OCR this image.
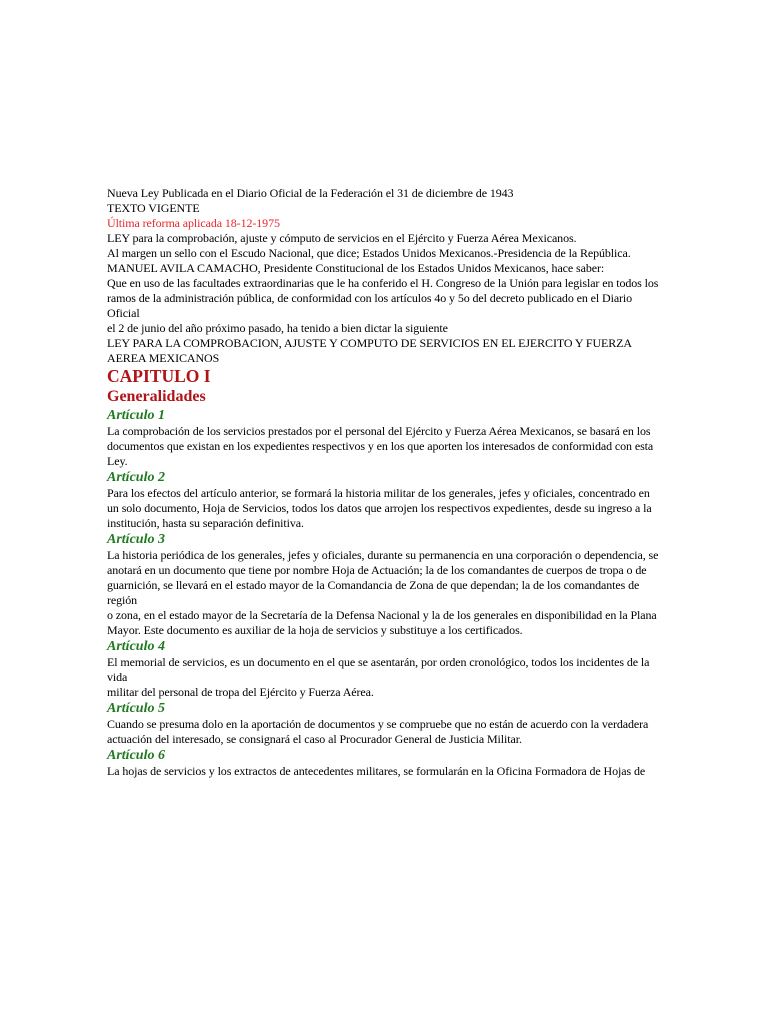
Nueva Ley Publicada en el Diario Oficial de la Federación el 31 de diciembre de 1943

TEXTO VIGENTE

Última reforma aplicada 18-12-1975

LEY para la comprobación, ajuste y cómputo de servicios en el Ejército y Fuerza Aérea Mexicanos.

Al margen un sello con el Escudo Nacional, que dice; Estados Unidos Mexicanos.-Presidencia de la República.

MANUEL AVILA CAMACHO, Presidente Constitucional de los Estados Unidos Mexicanos, hace saber:

Que en uso de las facultades extraordinarias que le ha conferido el H. Congreso de la Unión para legislar en todos los

ramos de la administración pública, de conformidad con los artículos 4o y 5o del decreto publicado en el Diario Oficial

el 2 de junio del año próximo pasado, ha tenido a bien dictar la siguiente

LEY PARA LA COMPROBACION, AJUSTE Y COMPUTO DE SERVICIOS EN EL EJERCITO Y FUERZA

AEREA MEXICANOS

CAPITULO I
Generalidades
Artículo 1

La comprobación de los servicios prestados por el personal del Ejército y Fuerza Aérea Mexicanos, se basará en los documentos que existan en los expedientes respectivos y en los que aporten los interesados de conformidad con esta

Ley.

Artículo 2

Para los efectos del artículo anterior, se formará la historia militar de los generales, jefes y oficiales, concentrado en un solo documento, Hoja de Servicios, todos los datos que arrojen los respectivos expedientes, desde su ingreso a la institución, hasta su separación definitiva.

Artículo 3

La historia periódica de los generales, jefes y oficiales, durante su permanencia en una corporación o dependencia, se

anotará en un documento que tiene por nombre Hoja de Actuación; la de los comandantes de cuerpos de tropa o de

guarnición, se llevará en el estado mayor de la Comandancia de Zona de que dependan; la de los comandantes de región

o zona, en el estado mayor de la Secretaría de la Defensa Nacional y la de los generales en disponibilidad en la Plana

Mayor. Este documento es auxiliar de la hoja de servicios y substituye a los certificados.

Artículo 4

El memorial de servicios, es un documento en el que se asentarán, por orden cronológico, todos los incidentes de la vida

militar del personal de tropa del Ejército y Fuerza Aérea.

Artículo 5

Cuando se presuma dolo en la aportación de documentos y se compruebe que no están de acuerdo con la verdadera

actuación del interesado, se consignará el caso al Procurador General de Justicia Militar.

Artículo 6

La hojas de servicios y los extractos de antecedentes militares, se formularán en la Oficina Formadora de Hojas de
